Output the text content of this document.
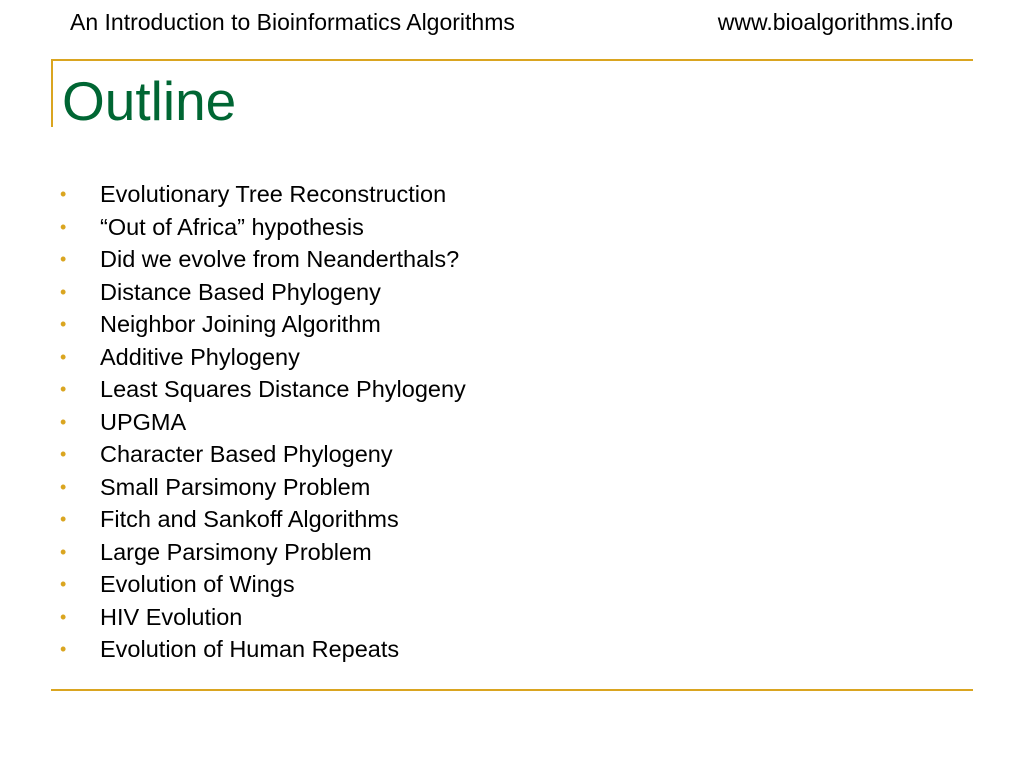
An Introduction to Bioinformatics Algorithms	www.bioalgorithms.info
Outline
• Evolutionary Tree Reconstruction
• “Out of Africa” hypothesis
• Did we evolve from Neanderthals?
• Distance Based Phylogeny
• Neighbor Joining Algorithm
• Additive Phylogeny
• Least Squares Distance Phylogeny
• UPGMA
• Character Based Phylogeny
• Small Parsimony Problem
• Fitch and Sankoff Algorithms
• Large Parsimony Problem
• Evolution of Wings
• HIV Evolution
• Evolution of Human Repeats
